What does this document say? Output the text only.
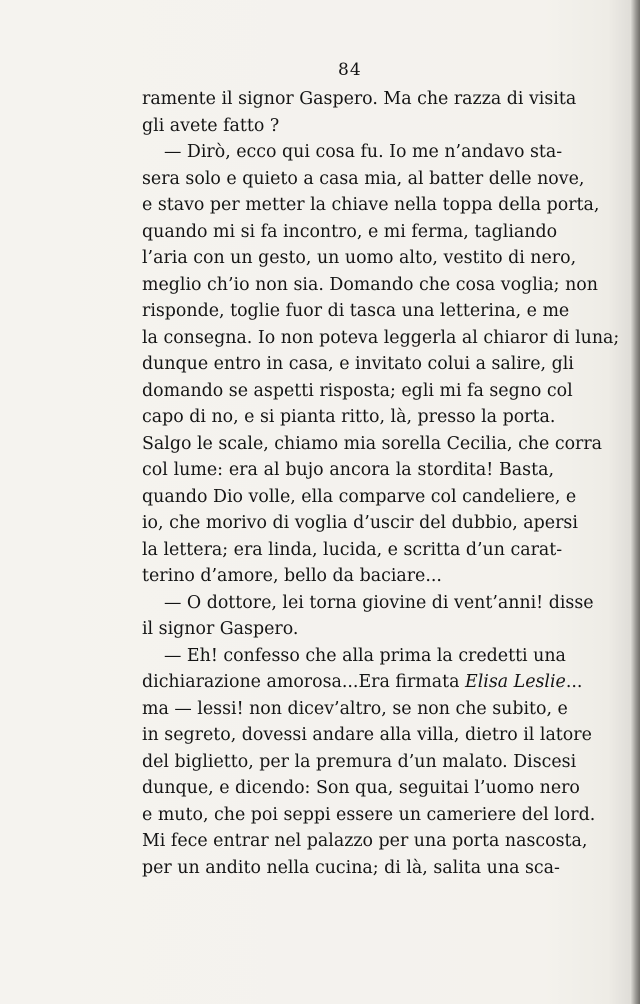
84
ramente il signor Gaspero. Ma che razza di visita
gli avete fatto ?
— Dirò, ecco qui cosa fu. Io me n’andavo sta-
sera solo e quieto a casa mia, al batter delle nove,
e stavo per metter la chiave nella toppa della porta,
quando mi si fa incontro, e mi ferma, tagliando
l’aria con un gesto, un uomo alto, vestito di nero,
meglio ch’io non sia. Domando che cosa voglia; non
risponde, toglie fuor di tasca una letterina, e me
la consegna. Io non poteva leggerla al chiaror di luna;
dunque entro in casa, e invitato colui a salire, gli
domando se aspetti risposta; egli mi fa segno col
capo di no, e si pianta ritto, là, presso la porta.
Salgo le scale, chiamo mia sorella Cecilia, che corra
col lume: era al bujo ancora la stordita! Basta,
quando Dio volle, ella comparve col candeliere, e
io, che morivo di voglia d’uscir del dubbio, apersi
la lettera; era linda, lucida, e scritta d’un carat-
terino d’amore, bello da baciare...
— O dottore, lei torna giovine di vent’anni! disse
il signor Gaspero.
— Eh! confesso che alla prima la credetti una
dichiarazione amorosa...Era firmata Elisa Leslie...
ma — lessi! non dicev’altro, se non che subito, e
in segreto, dovessi andare alla villa, dietro il latore
del biglietto, per la premura d’un malato. Discesi
dunque, e dicendo: Son qua, seguitai l’uomo nero
e muto, che poi seppi essere un cameriere del lord.
Mi fece entrar nel palazzo per una porta nascosta,
per un andito nella cucina; di là, salita una sca-
